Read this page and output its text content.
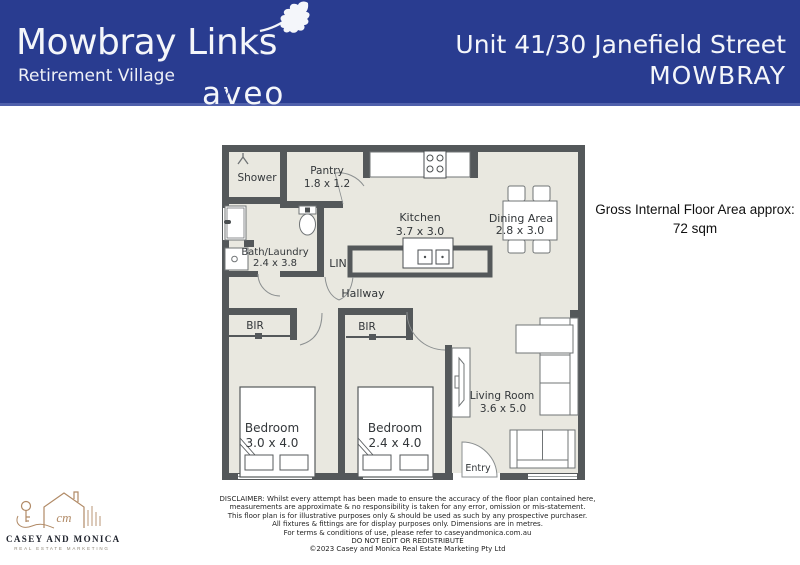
Mowbray Links
Retirement Village aveo
Unit 41/30 Janefield Street
MOWBRAY
Gross Internal Floor Area approx:
72 sqm
Shower
Pantry
1.8 x 1.2
Kitchen
3.7 x 3.0
Dining Area
2.8 x 3.0
Bath/Laundry
2.4 x 3.8	LIN
Hallway
BIR	BIR
Bedroom
3.0 x 4.0
Bedroom
2.4 x 4.0
Living Room
3.6 x 5.0
Entry
DISCLAIMER: Whilst every attempt has been made to ensure the accuracy of the floor plan contained here,
measurements are approximate & no responsibility is taken for any error, omission or mis-statement.
This floor plan is for illustrative purposes only & should be used as such by any prospective purchaser.
All fixtures & fittings are for display purposes only. Dimensions are in metres.
For terms & conditions of use, please refer to caseyandmonica.com.au
DO NOT EDIT OR REDISTRIBUTE
©2023 Casey and Monica Real Estate Marketing Pty Ltd
cm
CASEY AND MONICA
REAL ESTATE MARKETING
